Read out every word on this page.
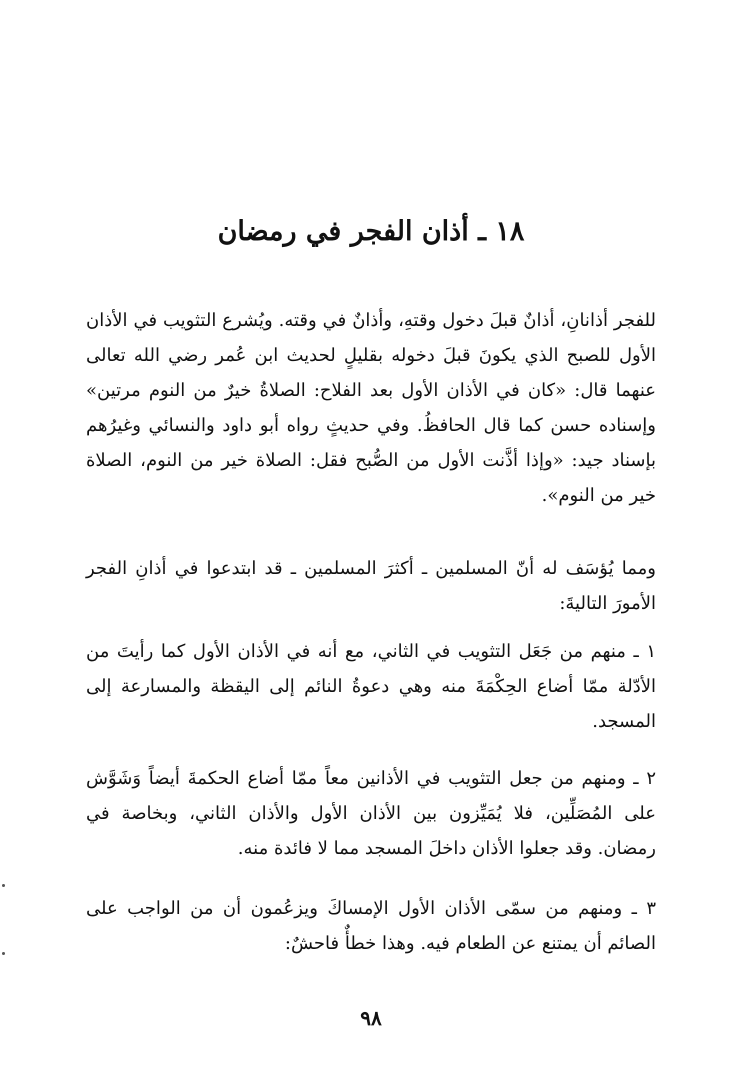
١٨ ـ أذان الفجر في رمضان

للفجر أذانانِ، أذانٌ قبلَ دخول وقتهِ، وأذانٌ في وقته. ويُشرع التثويب في الأذان الأول للصبح الذي يكونَ قبلَ دخوله بقليلٍ لحديث ابن عُمر رضي الله تعالى عنهما قال: «كان في الأذان الأول بعد الفلاح: الصلاةُ خيرٌ من النوم مرتين» وإسناده حسن كما قال الحافظُ. وفي حديثٍ رواه أبو داود والنسائي وغيرُهم بإسناد جيد: «وإذا أذَّنت الأول من الصُّبح فقل: الصلاة خير من النوم، الصلاة خير من النوم».

ومما يُؤسَف له أنّ المسلمين ـ أكثرَ المسلمين ـ قد ابتدعوا في أذانِ الفجر الأمورَ التاليةَ:

١ ـ منهم من جَعَل التثويب في الثاني، مع أنه في الأذان الأول كما رأيتَ من الأدّلة ممّا أضاع الحِكْمَةَ منه وهي دعوةُ النائم إلى اليقظة والمسارعة إلى المسجد.

٢ ـ ومنهم من جعل التثويب في الأذانين معاً ممّا أضاع الحكمةَ أيضاً وَشَوَّش على المُصَلِّين، فلا يُمَيِّزون بين الأذان الأول والأذان الثاني، وبخاصة في رمضان. وقد جعلوا الأذان داخلَ المسجد مما لا فائدة منه.

٣ ـ ومنهم من سمّى الأذان الأول الإمساكَ ويزعُمون أن من الواجب على الصائم أن يمتنع عن الطعام فيه. وهذا خطأٌ فاحشٌ:

٩٨
